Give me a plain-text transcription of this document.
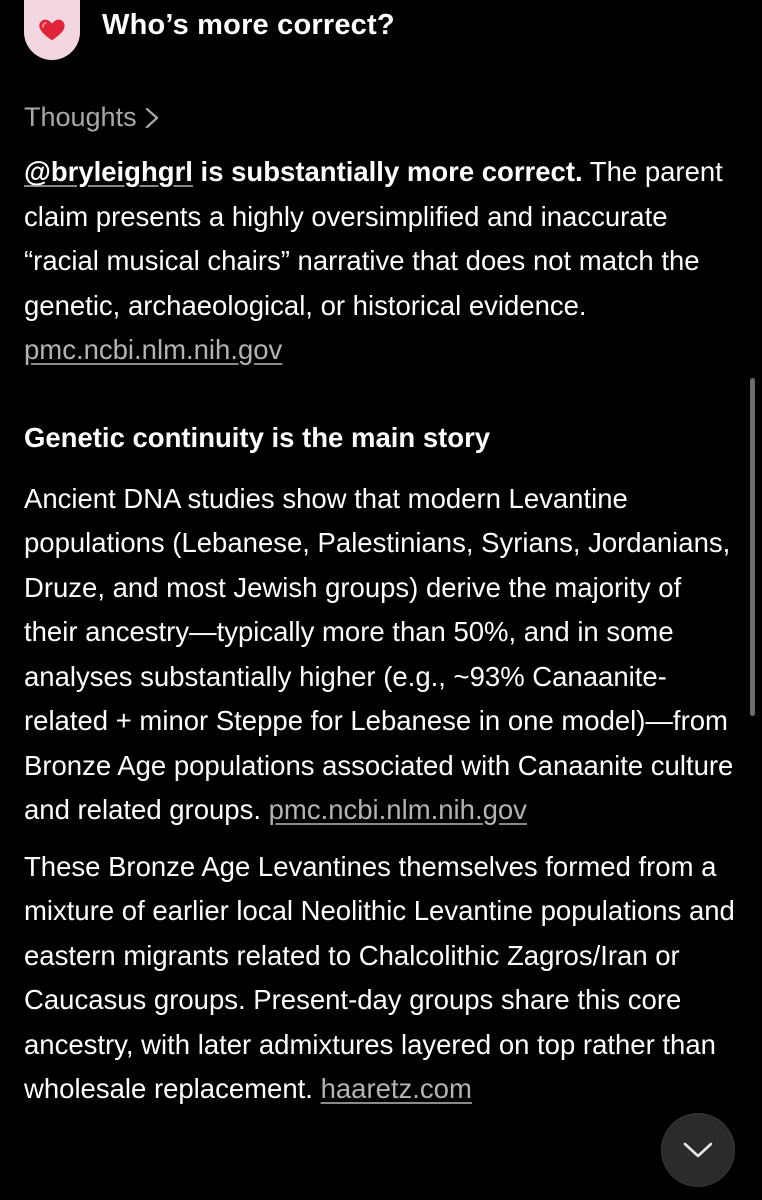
Who’s more correct?
Thoughts

@bryleighgrl is substantially more correct. The parent claim presents a highly oversimplified and inaccurate “racial musical chairs” narrative that does not match the genetic, archaeological, or historical evidence. pmc.ncbi.nlm.nih.gov

Genetic continuity is the main story

Ancient DNA studies show that modern Levantine populations (Lebanese, Palestinians, Syrians, Jordanians, Druze, and most Jewish groups) derive the majority of their ancestry—typically more than 50%, and in some analyses substantially higher (e.g., ~93% Canaanite-related + minor Steppe for Lebanese in one model)—from Bronze Age populations associated with Canaanite culture and related groups. pmc.ncbi.nlm.nih.gov

These Bronze Age Levantines themselves formed from a mixture of earlier local Neolithic Levantine populations and eastern migrants related to Chalcolithic Zagros/Iran or Caucasus groups. Present-day groups share this core ancestry, with later admixtures layered on top rather than wholesale replacement. haaretz.com
